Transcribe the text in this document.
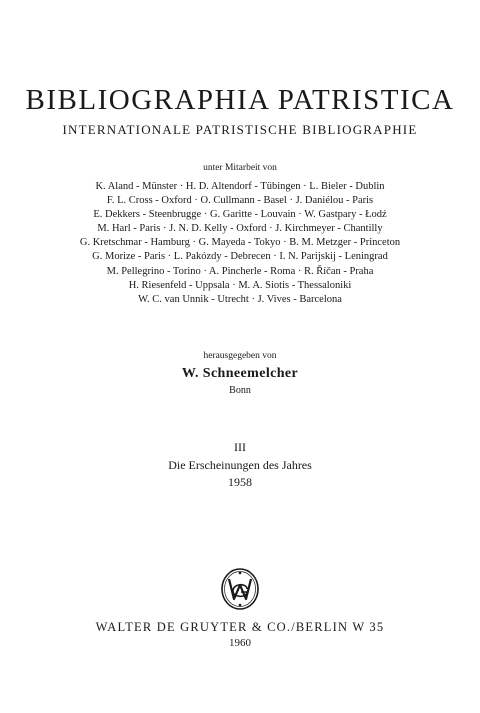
BIBLIOGRAPHIA PATRISTICA
INTERNATIONALE PATRISTISCHE BIBLIOGRAPHIE
unter Mitarbeit von
K. Aland - Münster · H. D. Altendorf - Tübingen · L. Bieler - Dublin
F. L. Cross - Oxford · O. Cullmann - Basel · J. Daniélou - Paris
E. Dekkers - Steenbrugge · G. Garitte - Louvain · W. Gastpary - Łodź
M. Harl - Paris · J. N. D. Kelly - Oxford · J. Kirchmeyer - Chantilly
G. Kretschmar - Hamburg · G. Mayeda - Tokyo · B. M. Metzger - Princeton
G. Morize - Paris · L. Pakózdy - Debrecen · I. N. Parijskij - Leningrad
M. Pellegrino - Torino · A. Pincherle - Roma · R. Říčan - Praha
H. Riesenfeld - Uppsala · M. A. Siotis - Thessaloniki
W. C. van Unnik - Utrecht · J. Vives - Barcelona
herausgegeben von
W. Schneemelcher
Bonn
III
Die Erscheinungen des Jahres
1958
WALTER DE GRUYTER & CO./BERLIN W 35
1960
